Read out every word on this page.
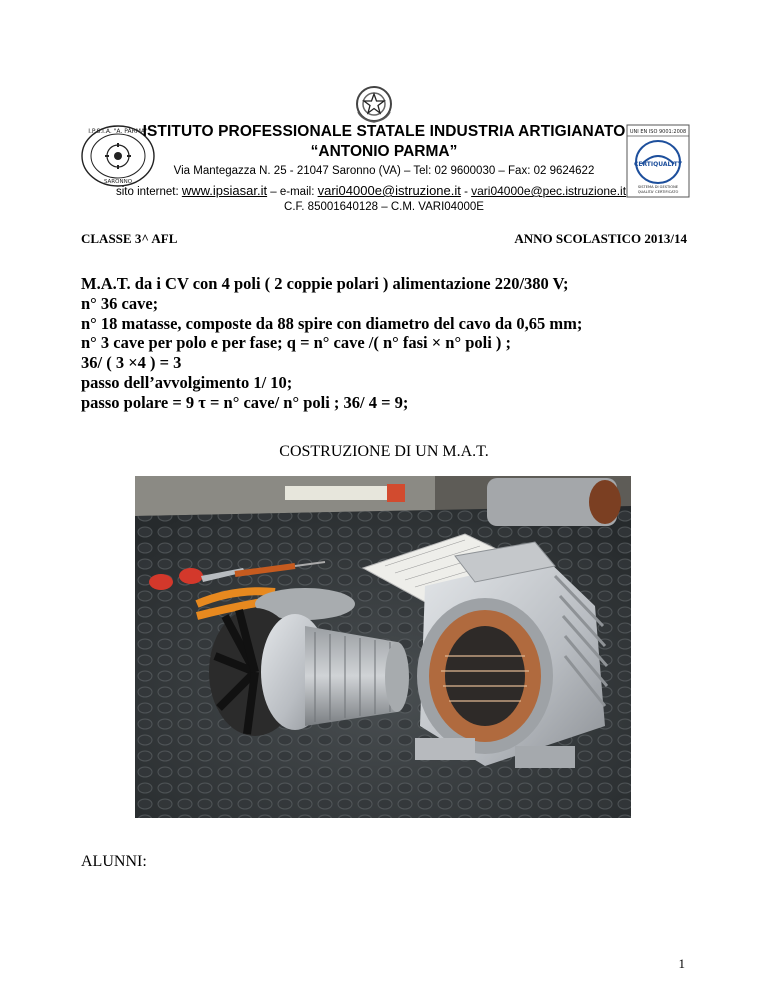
I.P.S.I.A. "A. PARMA"
SARONNO
UNI EN ISO 9001:2008
CERTIQUALITY
SISTEMA DI GESTIONE
QUALITA' CERTIFICATO
ISTITUTO PROFESSIONALE STATALE INDUSTRIA ARTIGIANATO
“ANTONIO PARMA”
Via Mantegazza N. 25 - 21047 Saronno (VA) – Tel: 02 9600030 – Fax: 02 9624622
sito internet: www.ipsiasar.it – e-mail: vari04000e@istruzione.it - vari04000e@pec.istruzione.it
C.F. 85001640128 – C.M. VARI04000E
CLASSE 3^ AFL	ANNO SCOLASTICO 2013/14
M.A.T. da i CV con 4 poli ( 2 coppie polari ) alimentazione 220/380 V;
n° 36 cave;
n° 18 matasse, composte da 88 spire con diametro del cavo da 0,65 mm;
n° 3 cave per polo e per fase; q = n° cave /( n° fasi × n° poli ) ;
36/ ( 3 ×4 ) = 3
passo dell’avvolgimento 1/ 10;
passo polare = 9 τ = n° cave/ n° poli ; 36/ 4 = 9;
COSTRUZIONE DI UN M.A.T.
ALUNNI:
1
